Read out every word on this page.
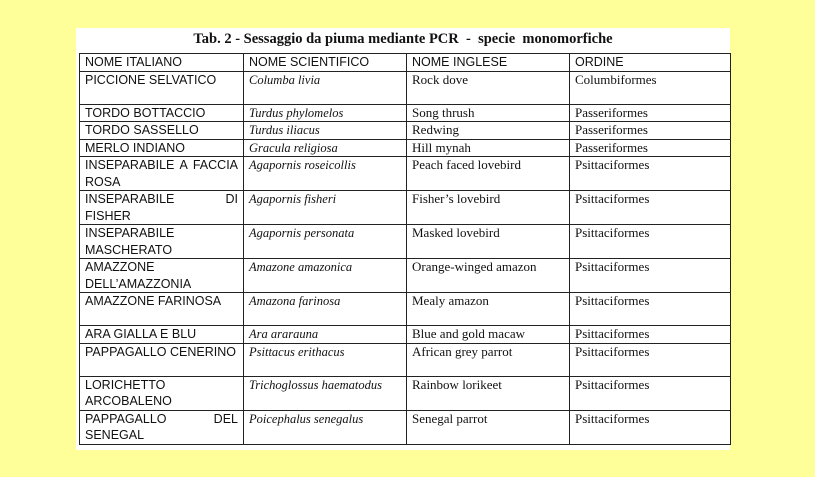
Tab. 2 - Sessaggio da piuma mediante PCR  -  specie  monomorfiche
NOME ITALIANO	NOME SCIENTIFICO	NOME INGLESE	ORDINE
PICCIONE SELVATICO	Columba livia	Rock dove	Columbiformes
TORDO BOTTACCIO	Turdus phylomelos	Song thrush	Passeriformes
TORDO SASSELLO	Turdus iliacus	Redwing	Passeriformes
MERLO INDIANO	Gracula religiosa	Hill mynah	Passeriformes
INSEPARABILE A FACCIA ROSA	Agapornis roseicollis	Peach faced lovebird	Psittaciformes
INSEPARABILE DI FISHER	Agapornis fisheri	Fisher’s lovebird	Psittaciformes
INSEPARABILE MASCHERATO	Agapornis personata	Masked lovebird	Psittaciformes
AMAZZONE DELL’AMAZZONIA	Amazone amazonica	Orange-winged amazon	Psittaciformes
AMAZZONE FARINOSA	Amazona farinosa	Mealy amazon	Psittaciformes
ARA GIALLA E BLU	Ara ararauna	Blue and gold macaw	Psittaciformes
PAPPAGALLO CENERINO	Psittacus erithacus	African grey parrot	Psittaciformes
LORICHETTO ARCOBALENO	Trichoglossus haematodus	Rainbow lorikeet	Psittaciformes
PAPPAGALLO DEL SENEGAL	Poicephalus senegalus	Senegal parrot	Psittaciformes
